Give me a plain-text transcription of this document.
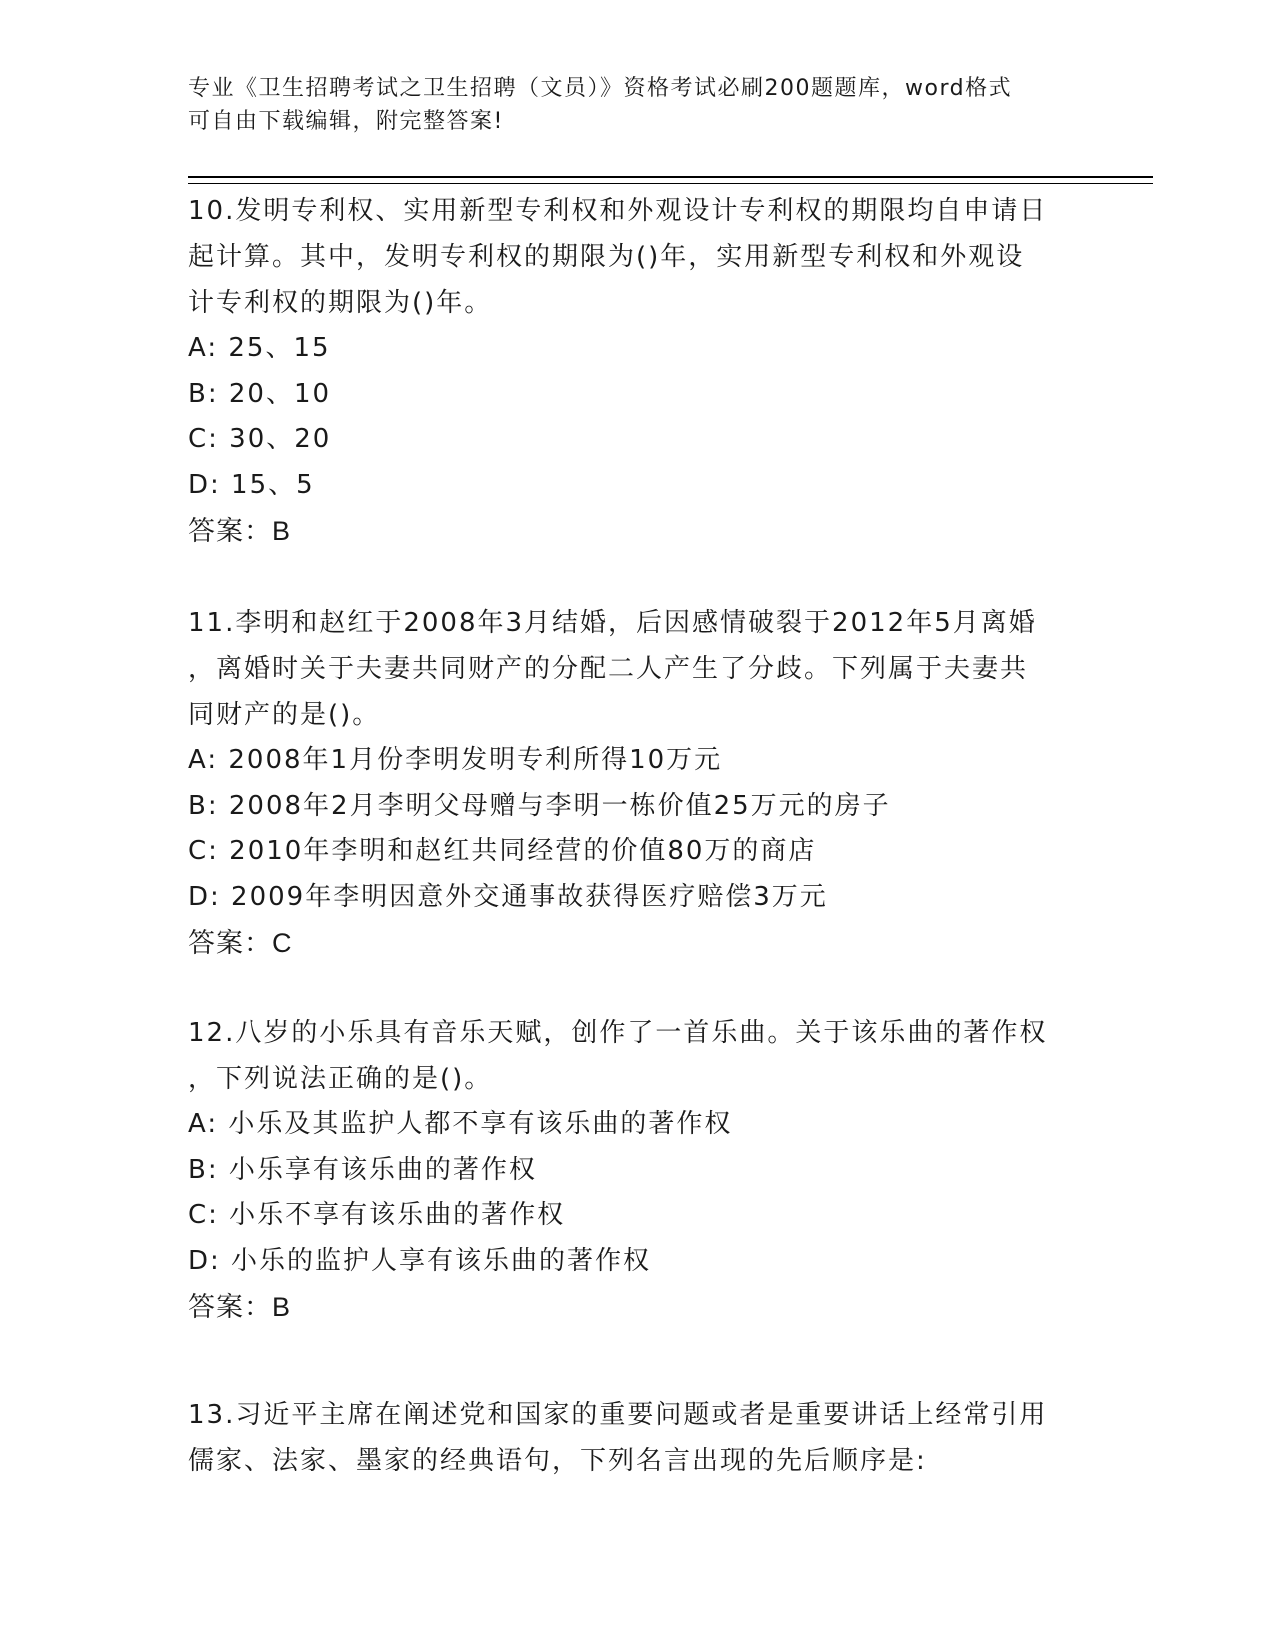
专业《卫生招聘考试之卫生招聘（文员）》资格考试必刷200题题库，word格式
可自由下载编辑，附完整答案!
10.发明专利权、实用新型专利权和外观设计专利权的期限均自申请日
起计算。其中，发明专利权的期限为()年，实用新型专利权和外观设
计专利权的期限为()年。
A: 25、15
B: 20、10
C: 30、20
D: 15、5
答案：B
11.李明和赵红于2008年3月结婚，后因感情破裂于2012年5月离婚
，离婚时关于夫妻共同财产的分配二人产生了分歧。下列属于夫妻共
同财产的是()。
A: 2008年1月份李明发明专利所得10万元
B: 2008年2月李明父母赠与李明一栋价值25万元的房子
C: 2010年李明和赵红共同经营的价值80万的商店
D: 2009年李明因意外交通事故获得医疗赔偿3万元
答案：C
12.八岁的小乐具有音乐天赋，创作了一首乐曲。关于该乐曲的著作权
，下列说法正确的是()。
A: 小乐及其监护人都不享有该乐曲的著作权
B: 小乐享有该乐曲的著作权
C: 小乐不享有该乐曲的著作权
D: 小乐的监护人享有该乐曲的著作权
答案：B
13.习近平主席在阐述党和国家的重要问题或者是重要讲话上经常引用
儒家、法家、墨家的经典语句，下列名言出现的先后顺序是:
